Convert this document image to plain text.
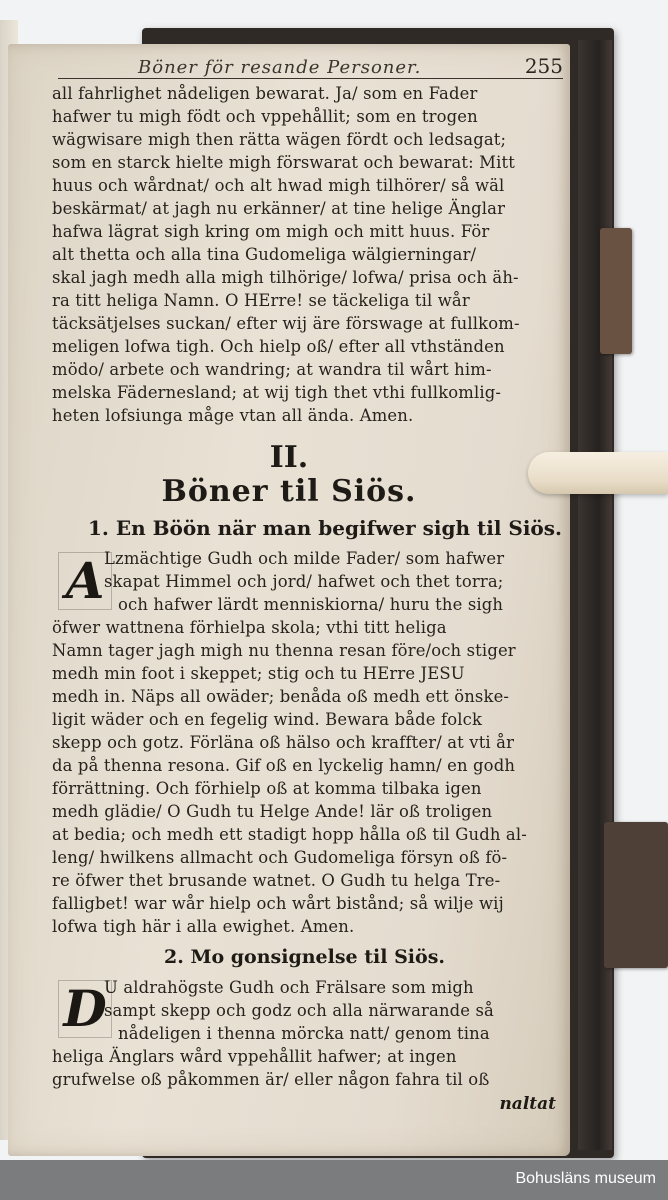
Böner för resande Personer.	255
all fahrlighet nådeligen bewarat. Ja/ som en Fader
hafwer tu migh födt och vppehållit; som en trogen
wägwisare migh then rätta wägen fördt och ledsagat;
som en starck hielte migh förswarat och bewarat: Mitt
huus och wårdnat/ och alt hwad migh tilhörer/ så wäl
beskärmat/ at jagh nu erkänner/ at tine helige Änglar
hafwa lägrat sigh kring om migh och mitt huus. För
alt thetta och alla tina Gudomeliga wälgierningar/
skal jagh medh alla migh tilhörige/ lofwa/ prisa och äh-
ra titt heliga Namn. O HErre! se täckeliga til wår
täcksätjelses suckan/ efter wij äre förswage at fullkom-
meligen lofwa tigh. Och hielp oß/ efter all vthständen
mödo/ arbete och wandring; at wandra til wårt him-
melska Fädernesland; at wij tigh thet vthi fullkomlig-
heten lofsiunga måge vtan all ända. Amen.
II.
Böner til Siös.
1. En Böön när man begifwer sigh til Siös.
A Lzmächtige Gudh och milde Fader/ som hafwer
skapat Himmel och jord/ hafwet och thet torra;
och hafwer lärdt menniskiorna/ huru the sigh
öfwer wattnena förhielpa skola; vthi titt heliga
Namn tager jagh migh nu thenna resan före/och stiger
medh min foot i skeppet; stig och tu HErre JESU
medh in. Näps all owäder; benåda oß medh ett önske-
ligit wäder och en fegelig wind. Bewara både folck
skepp och gotz. Förläna oß hälso och kraffter/ at vti år
da på thenna resona. Gif oß en lyckelig hamn/ en godh
förrättning. Och förhielp oß at komma tilbaka igen
medh glädie/ O Gudh tu Helge Ande! lär oß troligen
at bedia; och medh ett stadigt hopp hålla oß til Gudh al-
leng/ hwilkens allmacht och Gudomeliga försyn oß fö-
re öfwer thet brusande watnet. O Gudh tu helga Tre-
falligbet! war wår hielp och wårt bistånd; så wilje wij
lofwa tigh här i alla ewighet. Amen.
2. Mo gonsignelse til Siös.
D
U aldrahögste Gudh och Frälsare som migh
sampt skepp och godz och alla närwarande så
nådeligen i thenna mörcka natt/ genom tina
heliga Änglars wård vppehållit hafwer; at ingen
grufwelse oß påkommen är/ eller någon fahra til oß
naltat
Bohusläns museum
